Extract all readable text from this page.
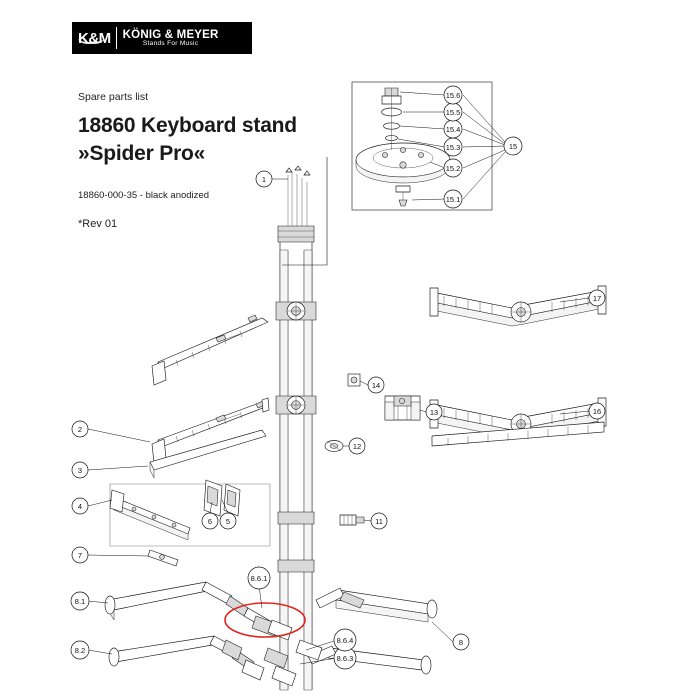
K&M	KÖNIG & MEYER
Stands For Music
Spare parts list
18860 Keyboard stand
»Spider Pro«
18860-000-35 - black anodized
*Rev 01
1
2
3
4
5
6
7
8
8.1
8.2
8.6.1
8.6.3
8.6.4
11
12
13
14
15
15.1
15.2
15.3
15.4
15.5
15.6
16
17
